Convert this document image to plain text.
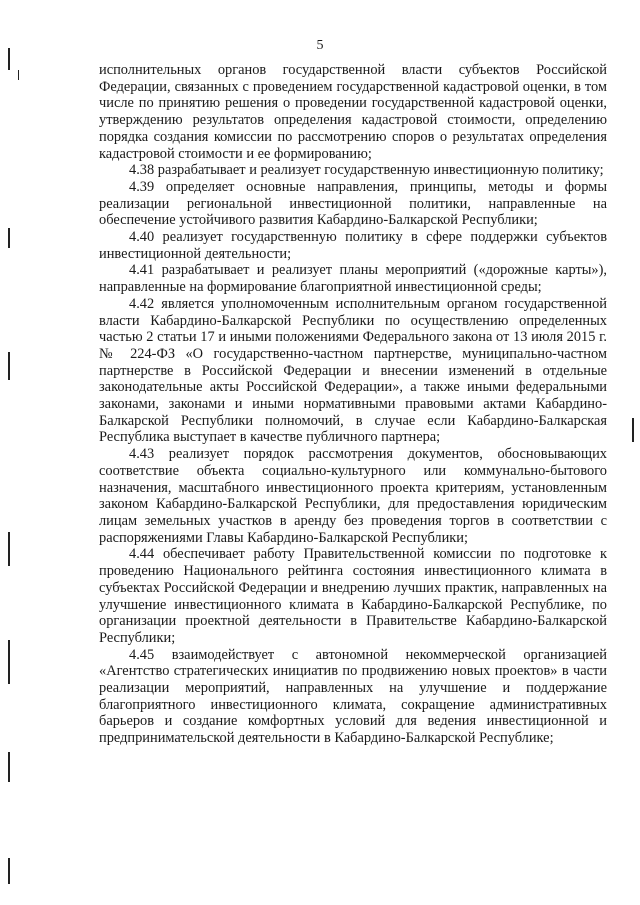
5

исполнительных органов государственной власти субъектов Российской Федерации, связанных с проведением государственной кадастровой оценки, в том числе по принятию решения о проведении государственной кадастровой оценки, утверждению результатов определения кадастровой стоимости, определению порядка создания комиссии по рассмотрению споров о результатах определения кадастровой стоимости и ее формированию;

4.38 разрабатывает и реализует государственную инвестиционную политику;

4.39 определяет основные направления, принципы, методы и формы реализации региональной инвестиционной политики, направленные на обеспечение устойчивого развития Кабардино-Балкарской Республики;

4.40 реализует государственную политику в сфере поддержки субъектов инвестиционной деятельности;

4.41 разрабатывает и реализует планы мероприятий («дорожные карты»), направленные на формирование благоприятной инвестиционной среды;

4.42 является уполномоченным исполнительным органом государственной власти Кабардино-Балкарской Республики по осуществлению определенных частью 2 статьи 17 и иными положениями Федерального закона от 13 июля 2015 г. № 224-ФЗ «О государственно-частном партнерстве, муниципально-частном партнерстве в Российской Федерации и внесении изменений в отдельные законодательные акты Российской Федерации», а также иными федеральными законами, законами и иными нормативными правовыми актами Кабардино-Балкарской Республики полномочий, в случае если Кабардино-Балкарская Республика выступает в качестве публичного партнера;

4.43 реализует порядок рассмотрения документов, обосновывающих соответствие объекта социально-культурного или коммунально-бытового назначения, масштабного инвестиционного проекта критериям, установленным законом Кабардино-Балкарской Республики, для предоставления юридическим лицам земельных участков в аренду без проведения торгов в соответствии с распоряжениями Главы Кабардино-Балкарской Республики;

4.44 обеспечивает работу Правительственной комиссии по подготовке к проведению Национального рейтинга состояния инвестиционного климата в субъектах Российской Федерации и внедрению лучших практик, направленных на улучшение инвестиционного климата в Кабардино-Балкарской Республике, по организации проектной деятельности в Правительстве Кабардино-Балкарской Республики;

4.45 взаимодействует с автономной некоммерческой организацией «Агентство стратегических инициатив по продвижению новых проектов» в части реализации мероприятий, направленных на улучшение и поддержание благоприятного инвестиционного климата, сокращение административных барьеров и создание комфортных условий для ведения инвестиционной и предпринимательской деятельности в Кабардино-Балкарской Республике;
